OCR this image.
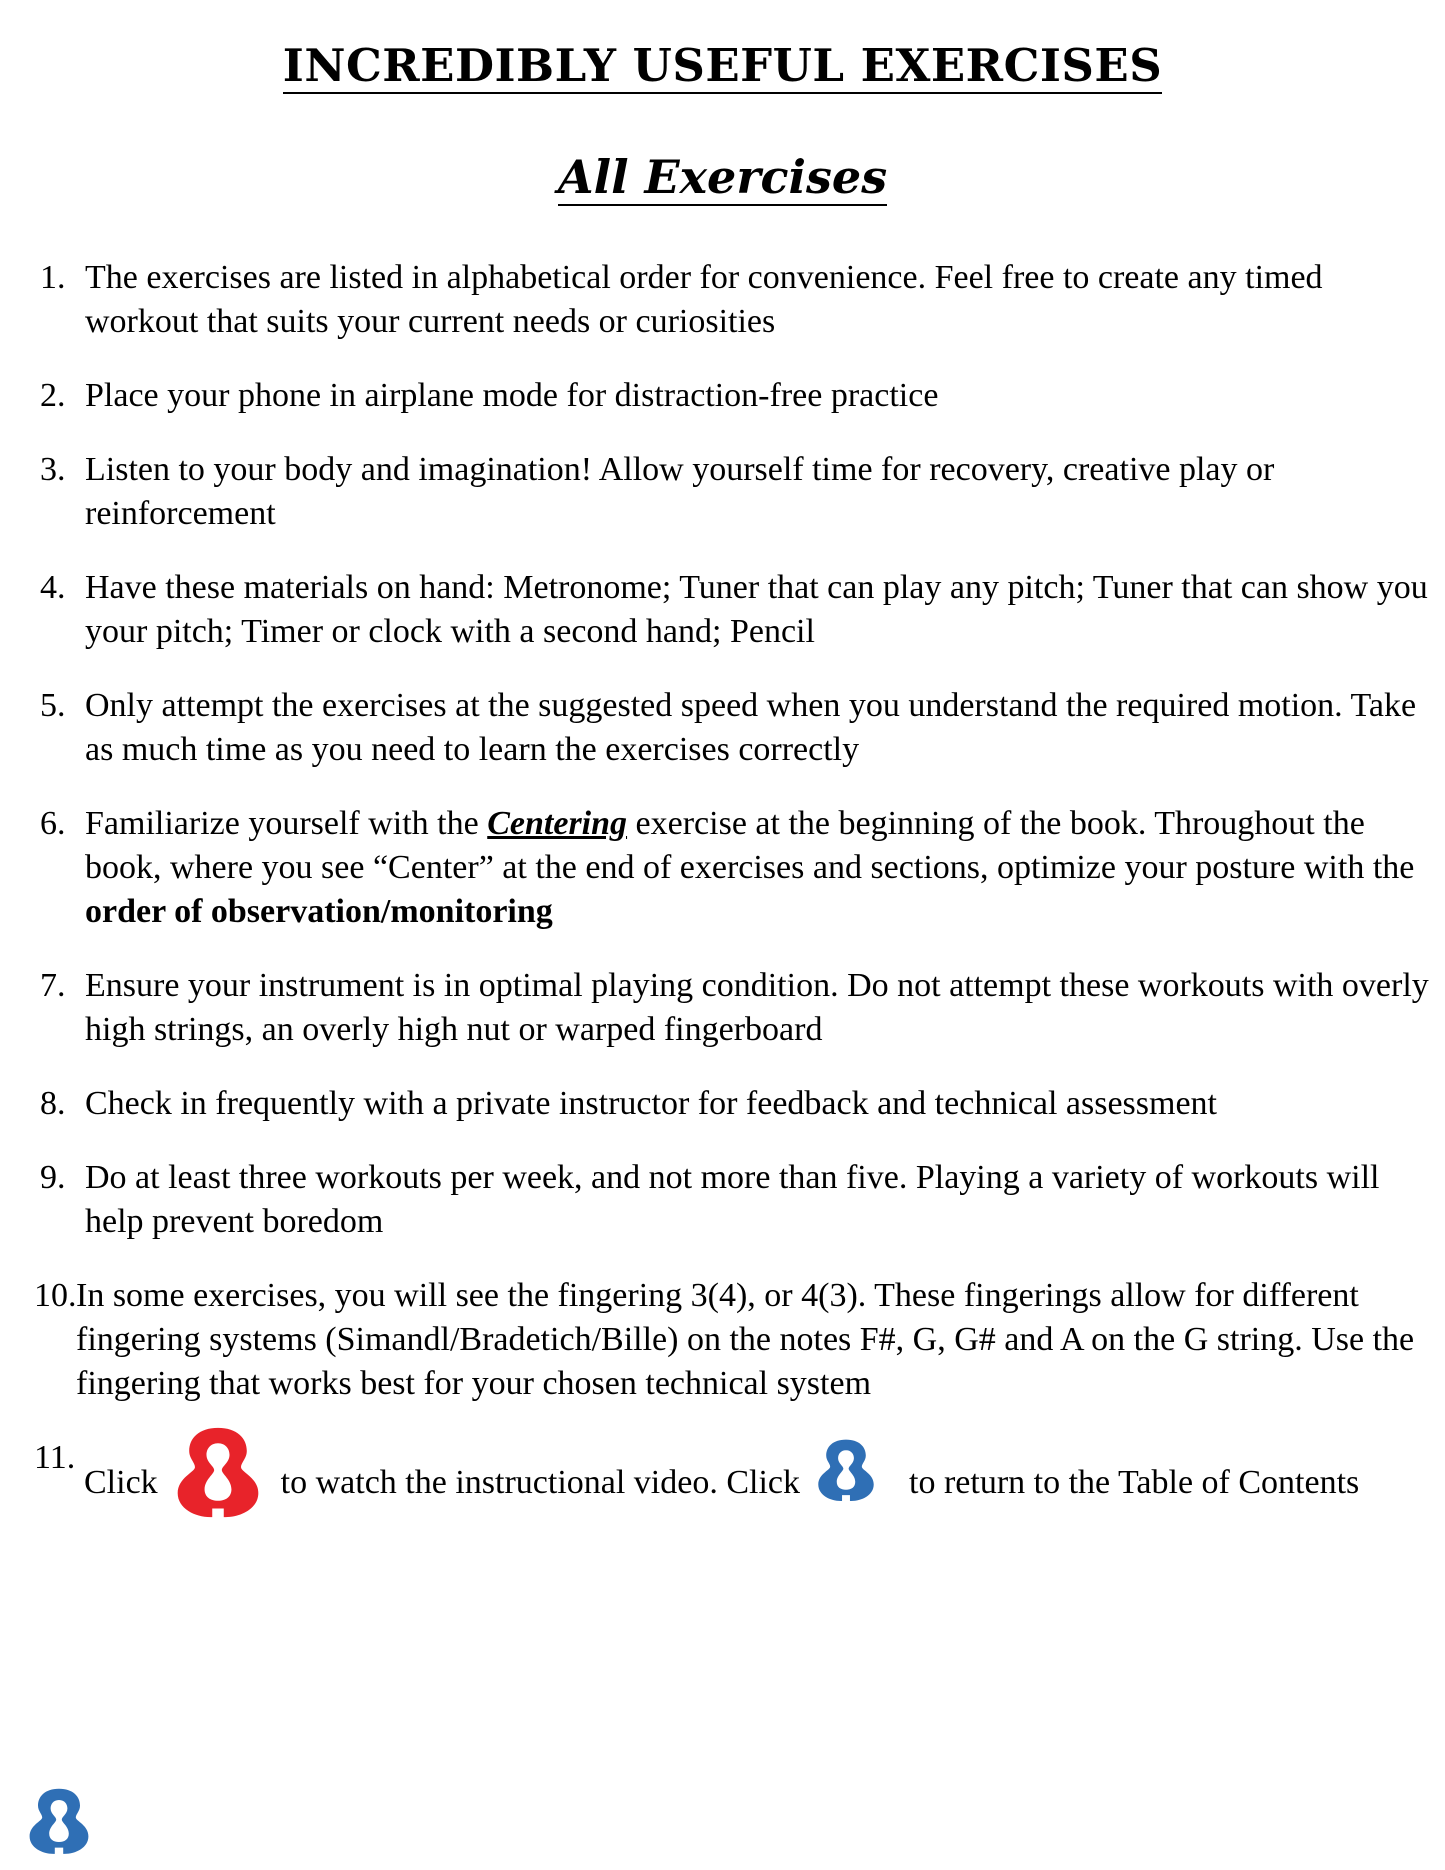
INCREDIBLY USEFUL EXERCISES
All Exercises
1. The exercises are listed in alphabetical order for convenience. Feel free to create any timed workout that suits your current needs or curiosities
2. Place your phone in airplane mode for distraction-free practice
3. Listen to your body and imagination! Allow yourself time for recovery, creative play or reinforcement
4. Have these materials on hand: Metronome; Tuner that can play any pitch; Tuner that can show you your pitch; Timer or clock with a second hand; Pencil
5. Only attempt the exercises at the suggested speed when you understand the required motion. Take as much time as you need to learn the exercises correctly
6. Familiarize yourself with the Centering exercise at the beginning of the book. Throughout the book, where you see “Center” at the end of exercises and sections, optimize your posture with the order of observation/monitoring
7. Ensure your instrument is in optimal playing condition. Do not attempt these workouts with overly high strings, an overly high nut or warped fingerboard
8. Check in frequently with a private instructor for feedback and technical assessment
9. Do at least three workouts per week, and not more than five. Playing a variety of workouts will help prevent boredom
10. In some exercises, you will see the fingering 3(4), or 4(3). These fingerings allow for different fingering systems (Simandl/Bradetich/Bille) on the notes F#, G, G# and A on the G string. Use the fingering that works best for your chosen technical system
11.
Click	to watch the instructional video. Click	to return to the Table of Contents
